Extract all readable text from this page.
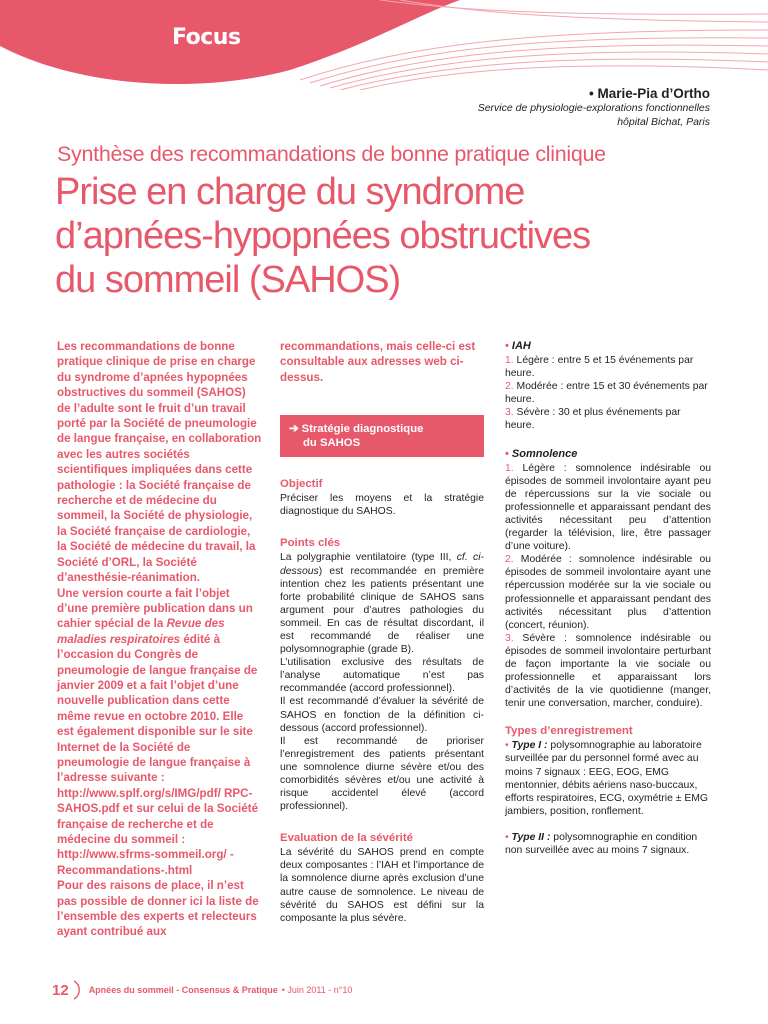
Focus
• Marie-Pia d’Ortho
Service de physiologie-explorations fonctionnelles
hôpital Bichat, Paris
Synthèse des recommandations de bonne pratique clinique
Prise en charge du syndrome
d’apnées-hypopnées obstructives
du sommeil (SAHOS)

Les recommandations de bonne pratique clinique de prise en charge du syndrome d’apnées hypopnées obstructives du sommeil (SAHOS) de l’adulte sont le fruit d’un travail porté par la Société de pneumologie de langue française, en collaboration avec les autres sociétés scientifiques impliquées dans cette pathologie : la Société française de recherche et de médecine du sommeil, la Société de physiologie, la Société française de cardiologie, la Société de médecine du travail, la Société d’ORL, la Société d’anesthésie-réanimation.

Une version courte a fait l’objet d’une première publication dans un cahier spécial de la Revue des maladies respiratoires édité à l’occasion du Congrès de pneumologie de langue française de janvier 2009 et a fait l’objet d’une nouvelle publication dans cette même revue en octobre 2010. Elle est également disponible sur le site Internet de la Société de pneumologie de langue française à l’adresse suivante : http://www.splf.org/s/IMG/pdf/ RPC-SAHOS.pdf et sur celui de la Société française de recherche et de médecine du sommeil : http://www.sfrms-sommeil.org/ -Recommandations-.html

Pour des raisons de place, il n’est pas possible de donner ici la liste de l’ensemble des experts et relecteurs ayant contribué aux

recommandations, mais celle-ci est consultable aux adresses web ci-dessus.
➔ Stratégie diagnostique
du SAHOS
Objectif
Préciser les moyens et la stratégie diagnostique du SAHOS.
Points clés

La polygraphie ventilatoire (type III, cf. ci-dessous) est recommandée en première intention chez les patients présentant une forte probabilité clinique de SAHOS sans argument pour d’autres pathologies du sommeil. En cas de résultat discordant, il est recommandé de réaliser une polysomnographie (grade B).

L’utilisation exclusive des résultats de l’analyse automatique n’est pas recommandée (accord professionnel).

Il est recommandé d’évaluer la sévérité de SAHOS en fonction de la définition ci-dessous (accord professionnel).

Il est recommandé de prioriser l’enregistrement des patients présentant une somnolence diurne sévère et/ou des comorbidités sévères et/ou une activité à risque accidentel élevé (accord professionnel).

Evaluation de la sévérité
La sévérité du SAHOS prend en compte deux composantes : l’IAH et l’importance de la somnolence diurne après exclusion d’une autre cause de somnolence. Le niveau de sévérité du SAHOS est défini sur la composante la plus sévère.
• IAH

1. Légère : entre 5 et 15 événements par heure.

2. Modérée : entre 15 et 30 événements par heure.

3. Sévère : 30 et plus événements par heure.

• Somnolence

1. Légère : somnolence indésirable ou épisodes de sommeil involontaire ayant peu de répercussions sur la vie sociale ou professionnelle et apparaissant pendant des activités nécessitant peu d’attention (regarder la télévision, lire, être passager d’une voiture).

2. Modérée : somnolence indésirable ou épisodes de sommeil involontaire ayant une répercussion modérée sur la vie sociale ou professionnelle et apparaissant pendant des activités nécessitant plus d’attention (concert, réunion).

3. Sévère : somnolence indésirable ou épisodes de sommeil involontaire perturbant de façon importante la vie sociale ou professionnelle et apparaissant lors d’activités de la vie quotidienne (manger, tenir une conversation, marcher, conduire).

Types d’enregistrement

• Type I : polysomnographie au laboratoire surveillée par du personnel formé avec au moins 7 signaux : EEG, EOG, EMG mentonnier, débits aériens naso-buccaux, efforts respiratoires, ECG, oxymétrie ± EMG jambiers, position, ronflement.

• Type II : polysomnographie en condition non surveillée avec au moins 7 signaux.

12 Apnées du sommeil - Consensus & Pratique • Juin 2011 - n°10
